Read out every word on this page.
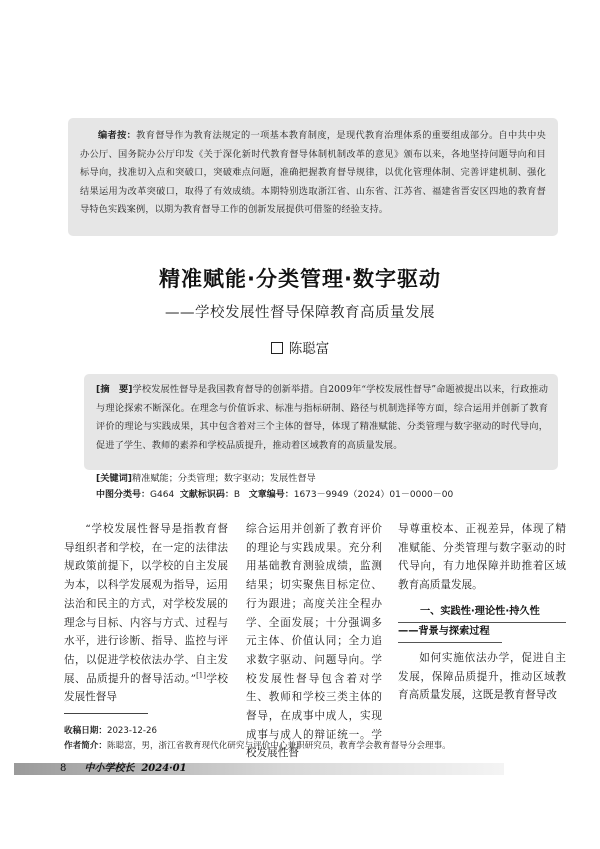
编者按：教育督导作为教育法规定的一项基本教育制度，是现代教育治理体系的重要组成部分。自中共中央办公厅、国务院办公厅印发《关于深化新时代教育督导体制机制改革的意见》颁布以来，各地坚持问题导向和目标导向，找准切入点和突破口，突破难点问题，准确把握教育督导规律，以优化管理体制、完善评建机制、强化结果运用为改革突破口，取得了有效成绩。本期特别选取浙江省、山东省、江苏省、福建省晋安区四地的教育督导特色实践案例，以期为教育督导工作的创新发展提供可借鉴的经验支持。
精准赋能·分类管理·数字驱动
——学校发展性督导保障教育高质量发展
陈聪富
[摘　要]学校发展性督导是我国教育督导的创新举措。自2009年“学校发展性督导”命题被提出以来，行政推动与理论探索不断深化。在理念与价值诉求、标准与指标研制、路径与机制选择等方面，综合运用并创新了教育评价的理论与实践成果，其中包含着对三个主体的督导，体现了精准赋能、分类管理与数字驱动的时代导向，促进了学生、教师的素养和学校品质提升，推动着区域教育的高质量发展。
[关键词]精准赋能；分类管理；数字驱动；发展性督导
中图分类号：G464 文献标识码：B 文章编号：1673－9949（2024）01－0000－00

“学校发展性督导是指教育督导组织者和学校，在一定的法律法规政策前提下，以学校的自主发展为本，以科学发展观为指导，运用法治和民主的方式，对学校发展的理念与目标、内容与方式、过程与水平，进行诊断、指导、监控与评估，以促进学校依法办学、自主发展、品质提升的督导活动。”[1]学校发展性督导

综合运用并创新了教育评价的理论与实践成果。充分利用基础教育测验成绩，监测结果；切实聚焦目标定位、行为跟进；高度关注全程办学、全面发展；十分强调多元主体、价值认同；全力追求数字驱动、问题导向。学校发展性督导包含着对学生、教师和学校三类主体的督导，在成事中成人，实现成事与成人的辩证统一。学校发展性督

导尊重校本、正视差异，体现了精准赋能、分类管理与数字驱动的时代导向，有力地保障并助推着区域教育高质量发展。

一、实践性·理论性·持久性
——背景与探索过程

如何实施依法办学，促进自主发展，保障品质提升，推动区域教育高质量发展，这既是教育督导改

收稿日期：2023-12-26
作者简介：陈聪富，男，浙江省教育现代化研究与评价中心兼职研究员，教育学会教育督导分会理事。
8 中小学校长 2024·01
